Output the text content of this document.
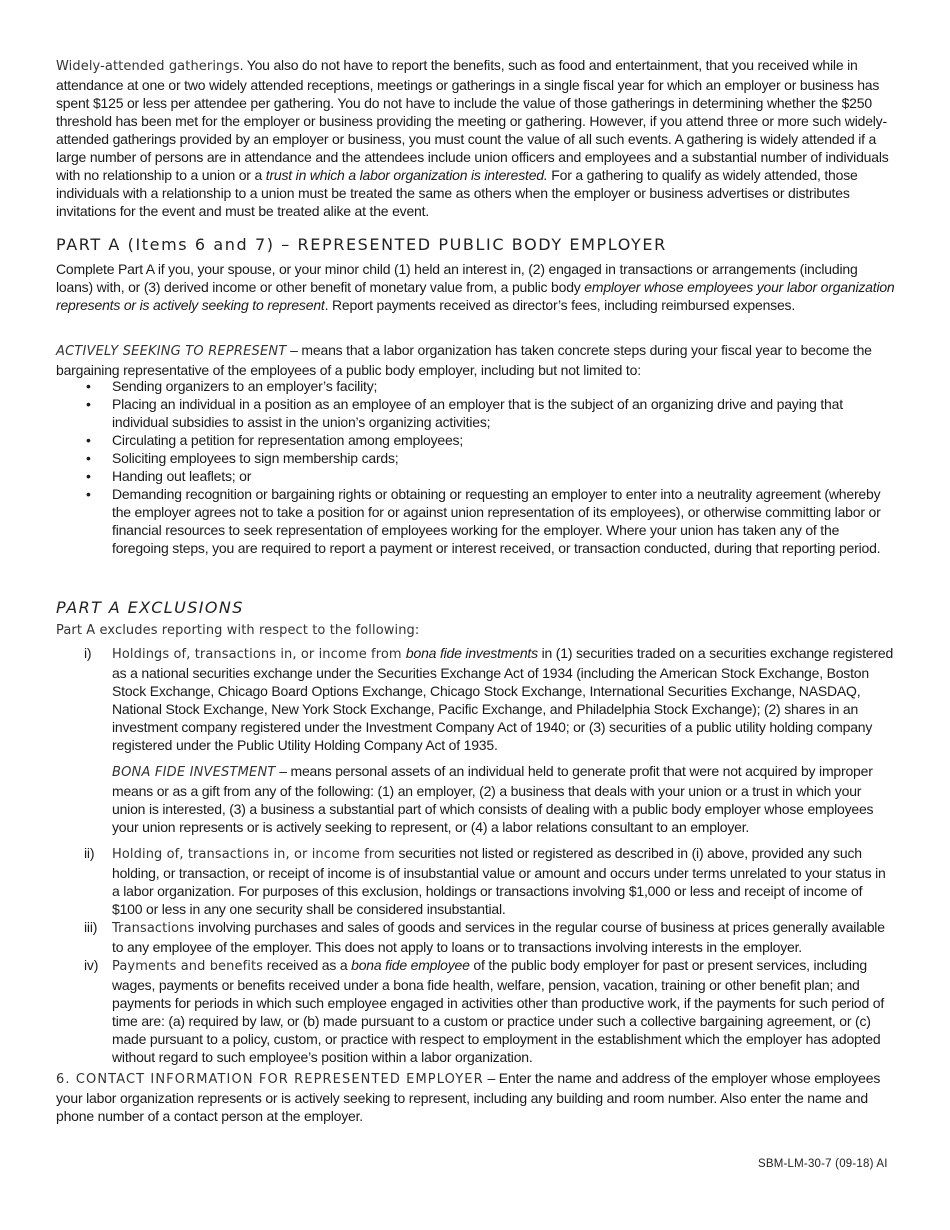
Widely-attended gatherings. You also do not have to report the benefits, such as food and entertainment, that you received while in attendance at one or two widely attended receptions, meetings or gatherings in a single fiscal year for which an employer or business has spent $125 or less per attendee per gathering. You do not have to include the value of those gatherings in determining whether the $250 threshold has been met for the employer or business providing the meeting or gathering. However, if you attend three or more such widely-attended gatherings provided by an employer or business, you must count the value of all such events. A gathering is widely attended if a large number of persons are in attendance and the attendees include union officers and employees and a substantial number of individuals with no relationship to a union or a trust in which a labor organization is interested. For a gathering to qualify as widely attended, those individuals with a relationship to a union must be treated the same as others when the employer or business advertises or distributes invitations for the event and must be treated alike at the event.

PART A (Items 6 and 7) – REPRESENTED PUBLIC BODY EMPLOYER

Complete Part A if you, your spouse, or your minor child (1) held an interest in, (2) engaged in transactions or arrangements (including loans) with, or (3) derived income or other benefit of monetary value from, a public body employer whose employees your labor organization represents or is actively seeking to represent. Report payments received as director’s fees, including reimbursed expenses.

ACTIVELY SEEKING TO REPRESENT – means that a labor organization has taken concrete steps during your fiscal year to become the bargaining representative of the employees of a public body employer, including but not limited to:

• Sending organizers to an employer’s facility;
• Placing an individual in a position as an employee of an employer that is the subject of an organizing drive and paying that individual subsidies to assist in the union’s organizing activities;
• Circulating a petition for representation among employees;
• Soliciting employees to sign membership cards;
• Handing out leaflets; or
• Demanding recognition or bargaining rights or obtaining or requesting an employer to enter into a neutrality agreement (whereby the employer agrees not to take a position for or against union representation of its employees), or otherwise committing labor or financial resources to seek representation of employees working for the employer. Where your union has taken any of the foregoing steps, you are required to report a payment or interest received, or transaction conducted, during that reporting period.
PART A EXCLUSIONS

Part A excludes reporting with respect to the following:

i) Holdings of, transactions in, or income from bona fide investments in (1) securities traded on a securities exchange registered as a national securities exchange under the Securities Exchange Act of 1934 (including the American Stock Exchange, Boston Stock Exchange, Chicago Board Options Exchange, Chicago Stock Exchange, International Securities Exchange, NASDAQ, National Stock Exchange, New York Stock Exchange, Pacific Exchange, and Philadelphia Stock Exchange); (2) shares in an investment company registered under the Investment Company Act of 1940; or (3) securities of a public utility holding company registered under the Public Utility Holding Company Act of 1935.
BONA FIDE INVESTMENT – means personal assets of an individual held to generate profit that were not acquired by improper means or as a gift from any of the following: (1) an employer, (2) a business that deals with your union or a trust in which your union is interested, (3) a business a substantial part of which consists of dealing with a public body employer whose employees your union represents or is actively seeking to represent, or (4) a labor relations consultant to an employer.
ii) Holding of, transactions in, or income from securities not listed or registered as described in (i) above, provided any such holding, or transaction, or receipt of income is of insubstantial value or amount and occurs under terms unrelated to your status in a labor organization. For purposes of this exclusion, holdings or transactions involving $1,000 or less and receipt of income of $100 or less in any one security shall be considered insubstantial.
iii) Transactions involving purchases and sales of goods and services in the regular course of business at prices generally available to any employee of the employer. This does not apply to loans or to transactions involving interests in the employer.
iv) Payments and benefits received as a bona fide employee of the public body employer for past or present services, including wages, payments or benefits received under a bona fide health, welfare, pension, vacation, training or other benefit plan; and payments for periods in which such employee engaged in activities other than productive work, if the payments for such period of time are: (a) required by law, or (b) made pursuant to a custom or practice under such a collective bargaining agreement, or (c) made pursuant to a policy, custom, or practice with respect to employment in the establishment which the employer has adopted without regard to such employee’s position within a labor organization.

6. CONTACT INFORMATION FOR REPRESENTED EMPLOYER – Enter the name and address of the employer whose employees your labor organization represents or is actively seeking to represent, including any building and room number. Also enter the name and phone number of a contact person at the employer.

SBM-LM-30-7 (09-18) AI
